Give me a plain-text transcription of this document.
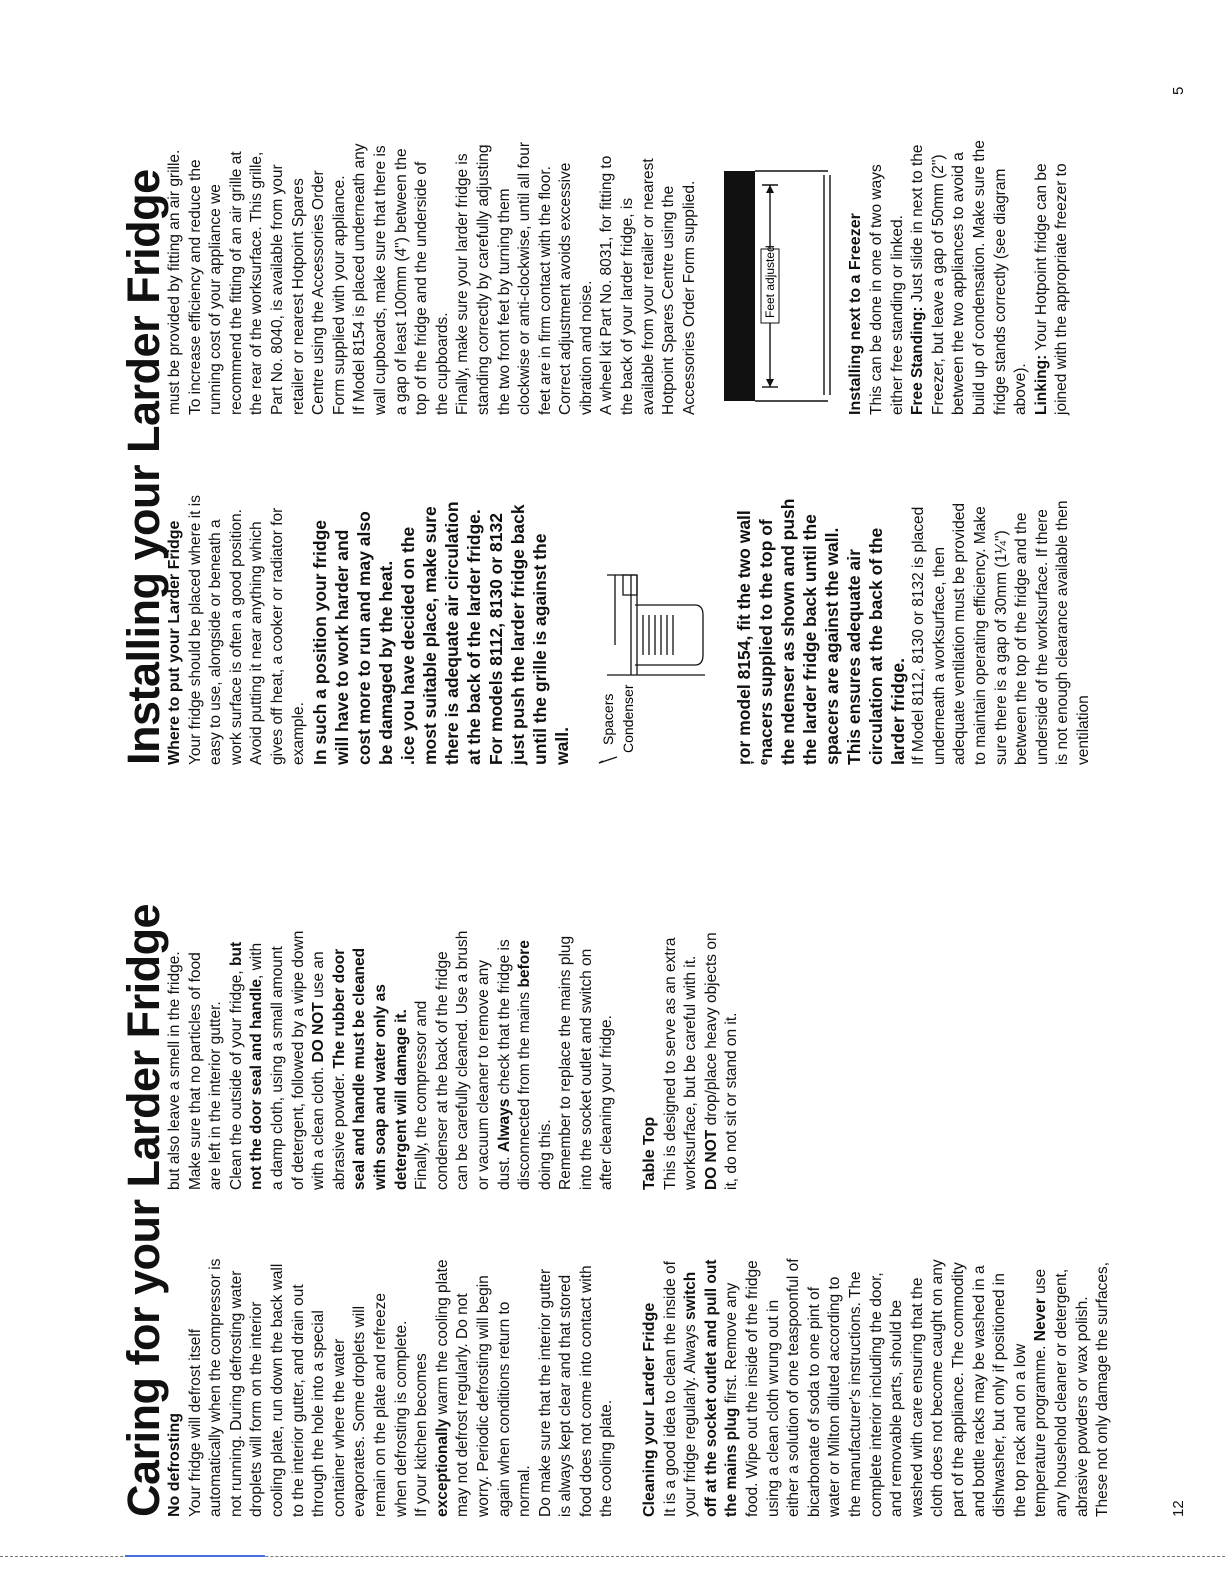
Caring for your Larder Fridge
No defrosting Your fridge will defrost itself automatically when the compressor is not running. During defrosting water droplets will form on the interior cooling plate, run down the back wall to the interior gutter, and drain out through the hole into a special container where the water evaporates. Some droplets will remain on the plate and refreeze when defrosting is complete. If your kitchen becomes exceptionally warm the cooling plate may not defrost regularly. Do not worry. Periodic defrosting will begin again when conditions return to normal. Do make sure that the interior gutter is always kept clear and that stored food does not come into contact with the cooling plate. Cleaning your Larder Fridge It is a good idea to clean the inside of your fridge regularly. Always switch off at the socket outlet and pull out the mains plug first. Remove any food. Wipe out the inside of the fridge using a clean cloth wrung out in either a solution of one teaspoonful of bicarbonate of soda to one pint of water or Milton diluted according to the manufacturer's instructions. The complete interior including the door, and removable parts, should be washed with care ensuring that the cloth does not become caught on any part of the appliance. The commodity and bottle racks may be washed in a dishwasher, but only if positioned in the top rack and on a low temperature programme. Never use any household cleaner or detergent, abrasive powders or wax polish. These not only damage the surfaces,

but also leave a smell in the fridge. Make sure that no particles of food are left in the interior gutter. Clean the outside of your fridge, but not the door seal and handle, with a damp cloth, using a small amount of detergent, followed by a wipe down with a clean cloth. DO NOT use an abrasive powder. The rubber door seal and handle must be cleaned with soap and water only as detergent will damage it. Finally, the compressor and condenser at the back of the fridge can be carefully cleaned. Use a brush or vacuum cleaner to remove any dust. Always check that the fridge is disconnected from the mains before doing this. Remember to replace the mains plug into the socket outlet and switch on after cleaning your fridge. Table Top This is designed to serve as an extra worksurface, but be careful with it. DO NOT drop/place heavy objects on it, do not sit or stand on it.

12
Installing your Larder Fridge
Where to put your Larder Fridge Your fridge should be placed where it is easy to use, alongside or beneath a work surface is often a good position. Avoid putting it near anything which gives off heat, a cooker or radiator for example. In such a position your fridge will have to work harder and cost more to run and may also be damaged by the heat. .ice you have decided on the most suitable place, make sure there is adequate air circulation at the back of the larder fridge. For models 8112, 8130 or 8132 just push the larder fridge back until the grille is against the wall.

Spacers Condenser	ŗor model 8154, fit the two wall ᵉnacers supplied to the top of the ndenser as shown and push the larder fridge back until the spacers are against the wall. This ensures adequate air circulation at the back of the larder fridge. If Model 8112, 8130 or 8132 is placed underneath a worksurface, then adequate ventilation must be provided to maintain operating efficiency. Make sure there is a gap of 30mm (1¼") between the top of the fridge and the underside of the worksurface. If there is not enough clearance available then ventilation

must be provided by fitting an air grille. To increase efficiency and reduce the running cost of your appliance we recommend the fitting of an air grille at the rear of the worksurface. This grille, Part No. 8040, is available from your retailer or nearest Hotpoint Spares Centre using the Accessories Order Form supplied with your appliance. If Model 8154 is placed underneath any wall cupboards, make sure that there is a gap of least 100mm (4") between the top of the fridge and the underside of the cupboards. Finally, make sure your larder fridge is standing correctly by carefully adjusting the two front feet by turning them clockwise or anti-clockwise, until all four feet are in firm contact with the floor. Correct adjustment avoids excessive vibration and noise. A wheel kit Part No. 8031, for fitting to the back of your larder fridge, is available from your retailer or nearest Hotpoint Spares Centre using the Accessories Order Form supplied.	Feet adjusted	Installing next to a Freezer This can be done in one of two ways either free standing or linked. Free Standing: Just slide in next to the Freezer, but leave a gap of 50mm (2") between the two appliances to avoid a build up of condensation. Make sure the fridge stands correctly (see diagram above). Linking: Your Hotpoint fridge can be joined with the appropriate freezer to

5
